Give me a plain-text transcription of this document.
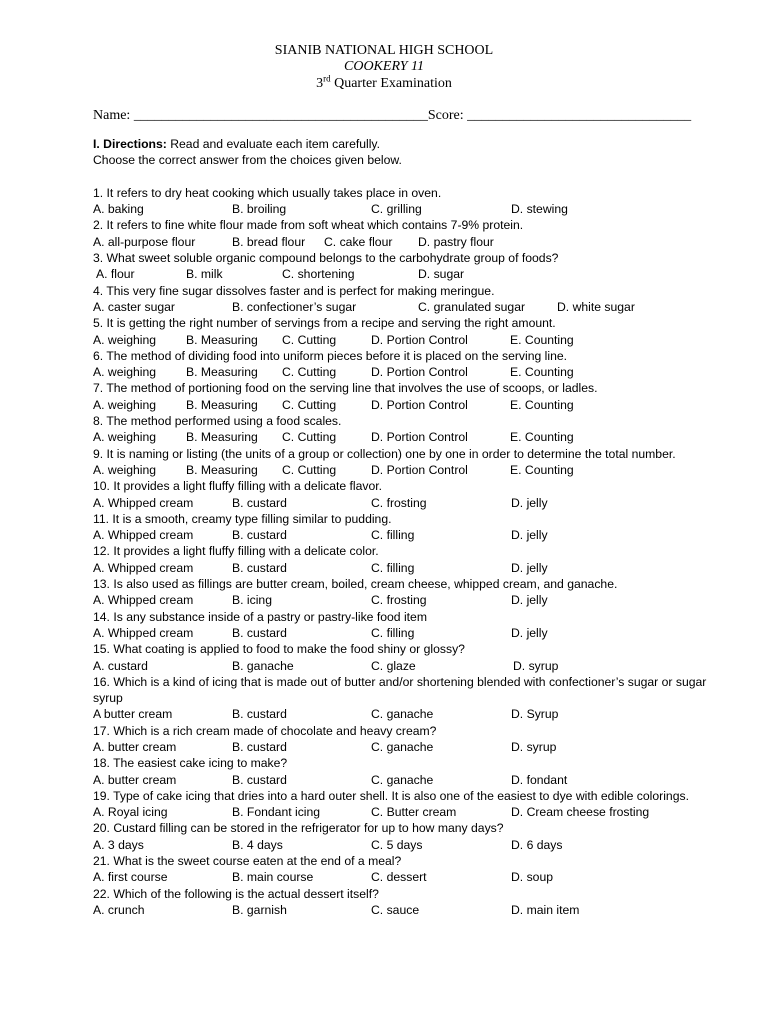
SIANIB NATIONAL HIGH SCHOOL
COOKERY 11
3rd Quarter Examination
Name: __________________________________________Score: ________________________________
I. Directions: Read and evaluate each item carefully.
Choose the correct answer from the choices given below.
1. It refers to dry heat cooking which usually takes place in oven.
A. baking	B. broiling	C. grilling	D. stewing
2. It refers to fine white flour made from soft wheat which contains 7-9% protein.
A. all-purpose flour	B. bread flour C. cake flour D. pastry flour
3. What sweet soluble organic compound belongs to the carbohydrate group of foods?
A. flour	B. milk	C. shortening	D. sugar
4. This very fine sugar dissolves faster and is perfect for making meringue.
A. caster sugar	B. confectioner’s sugar	C. granulated sugar	D. white sugar
5. It is getting the right number of servings from a recipe and serving the right amount.
A. weighing B. Measuring C. Cutting	D. Portion Control	E. Counting
6. The method of dividing food into uniform pieces before it is placed on the serving line.
A. weighing B. Measuring C. Cutting	D. Portion Control	E. Counting
7. The method of portioning food on the serving line that involves the use of scoops, or ladles.
A. weighing B. Measuring C. Cutting	D. Portion Control	E. Counting
8. The method performed using a food scales.
A. weighing B. Measuring C. Cutting	D. Portion Control	E. Counting
9. It is naming or listing (the units of a group or collection) one by one in order to determine the total number.
A. weighing B. Measuring C. Cutting	D. Portion Control	E. Counting
10. It provides a light fluffy filling with a delicate flavor.
A. Whipped cream	B. custard	C. frosting	D. jelly
11. It is a smooth, creamy type filling similar to pudding.
A. Whipped cream	B. custard	C. filling	D. jelly
12. It provides a light fluffy filling with a delicate color.
A. Whipped cream	B. custard	C. filling	D. jelly
13. Is also used as fillings are butter cream, boiled, cream cheese, whipped cream, and ganache.
A. Whipped cream	B. icing	C. frosting	D. jelly
14. Is any substance inside of a pastry or pastry-like food item
A. Whipped cream	B. custard	C. filling	D. jelly
15. What coating is applied to food to make the food shiny or glossy?
A. custard	B. ganache	C. glaze	D. syrup
16. Which is a kind of icing that is made out of butter and/or shortening blended with confectioner’s sugar or sugar syrup
A butter cream	B. custard	C. ganache	D. Syrup
17. Which is a rich cream made of chocolate and heavy cream?
A. butter cream	B. custard	C. ganache	D. syrup
18. The easiest cake icing to make?
A. butter cream	B. custard	C. ganache	D. fondant
19. Type of cake icing that dries into a hard outer shell. It is also one of the easiest to dye with edible colorings.
A. Royal icing	B. Fondant icing	C. Butter cream	D. Cream cheese frosting
20. Custard filling can be stored in the refrigerator for up to how many days?
A. 3 days	B. 4 days	C. 5 days	D. 6 days
21. What is the sweet course eaten at the end of a meal?
A. first course	B. main course	C. dessert	D. soup
22. Which of the following is the actual dessert itself?
A. crunch	B. garnish	C. sauce	D. main item
